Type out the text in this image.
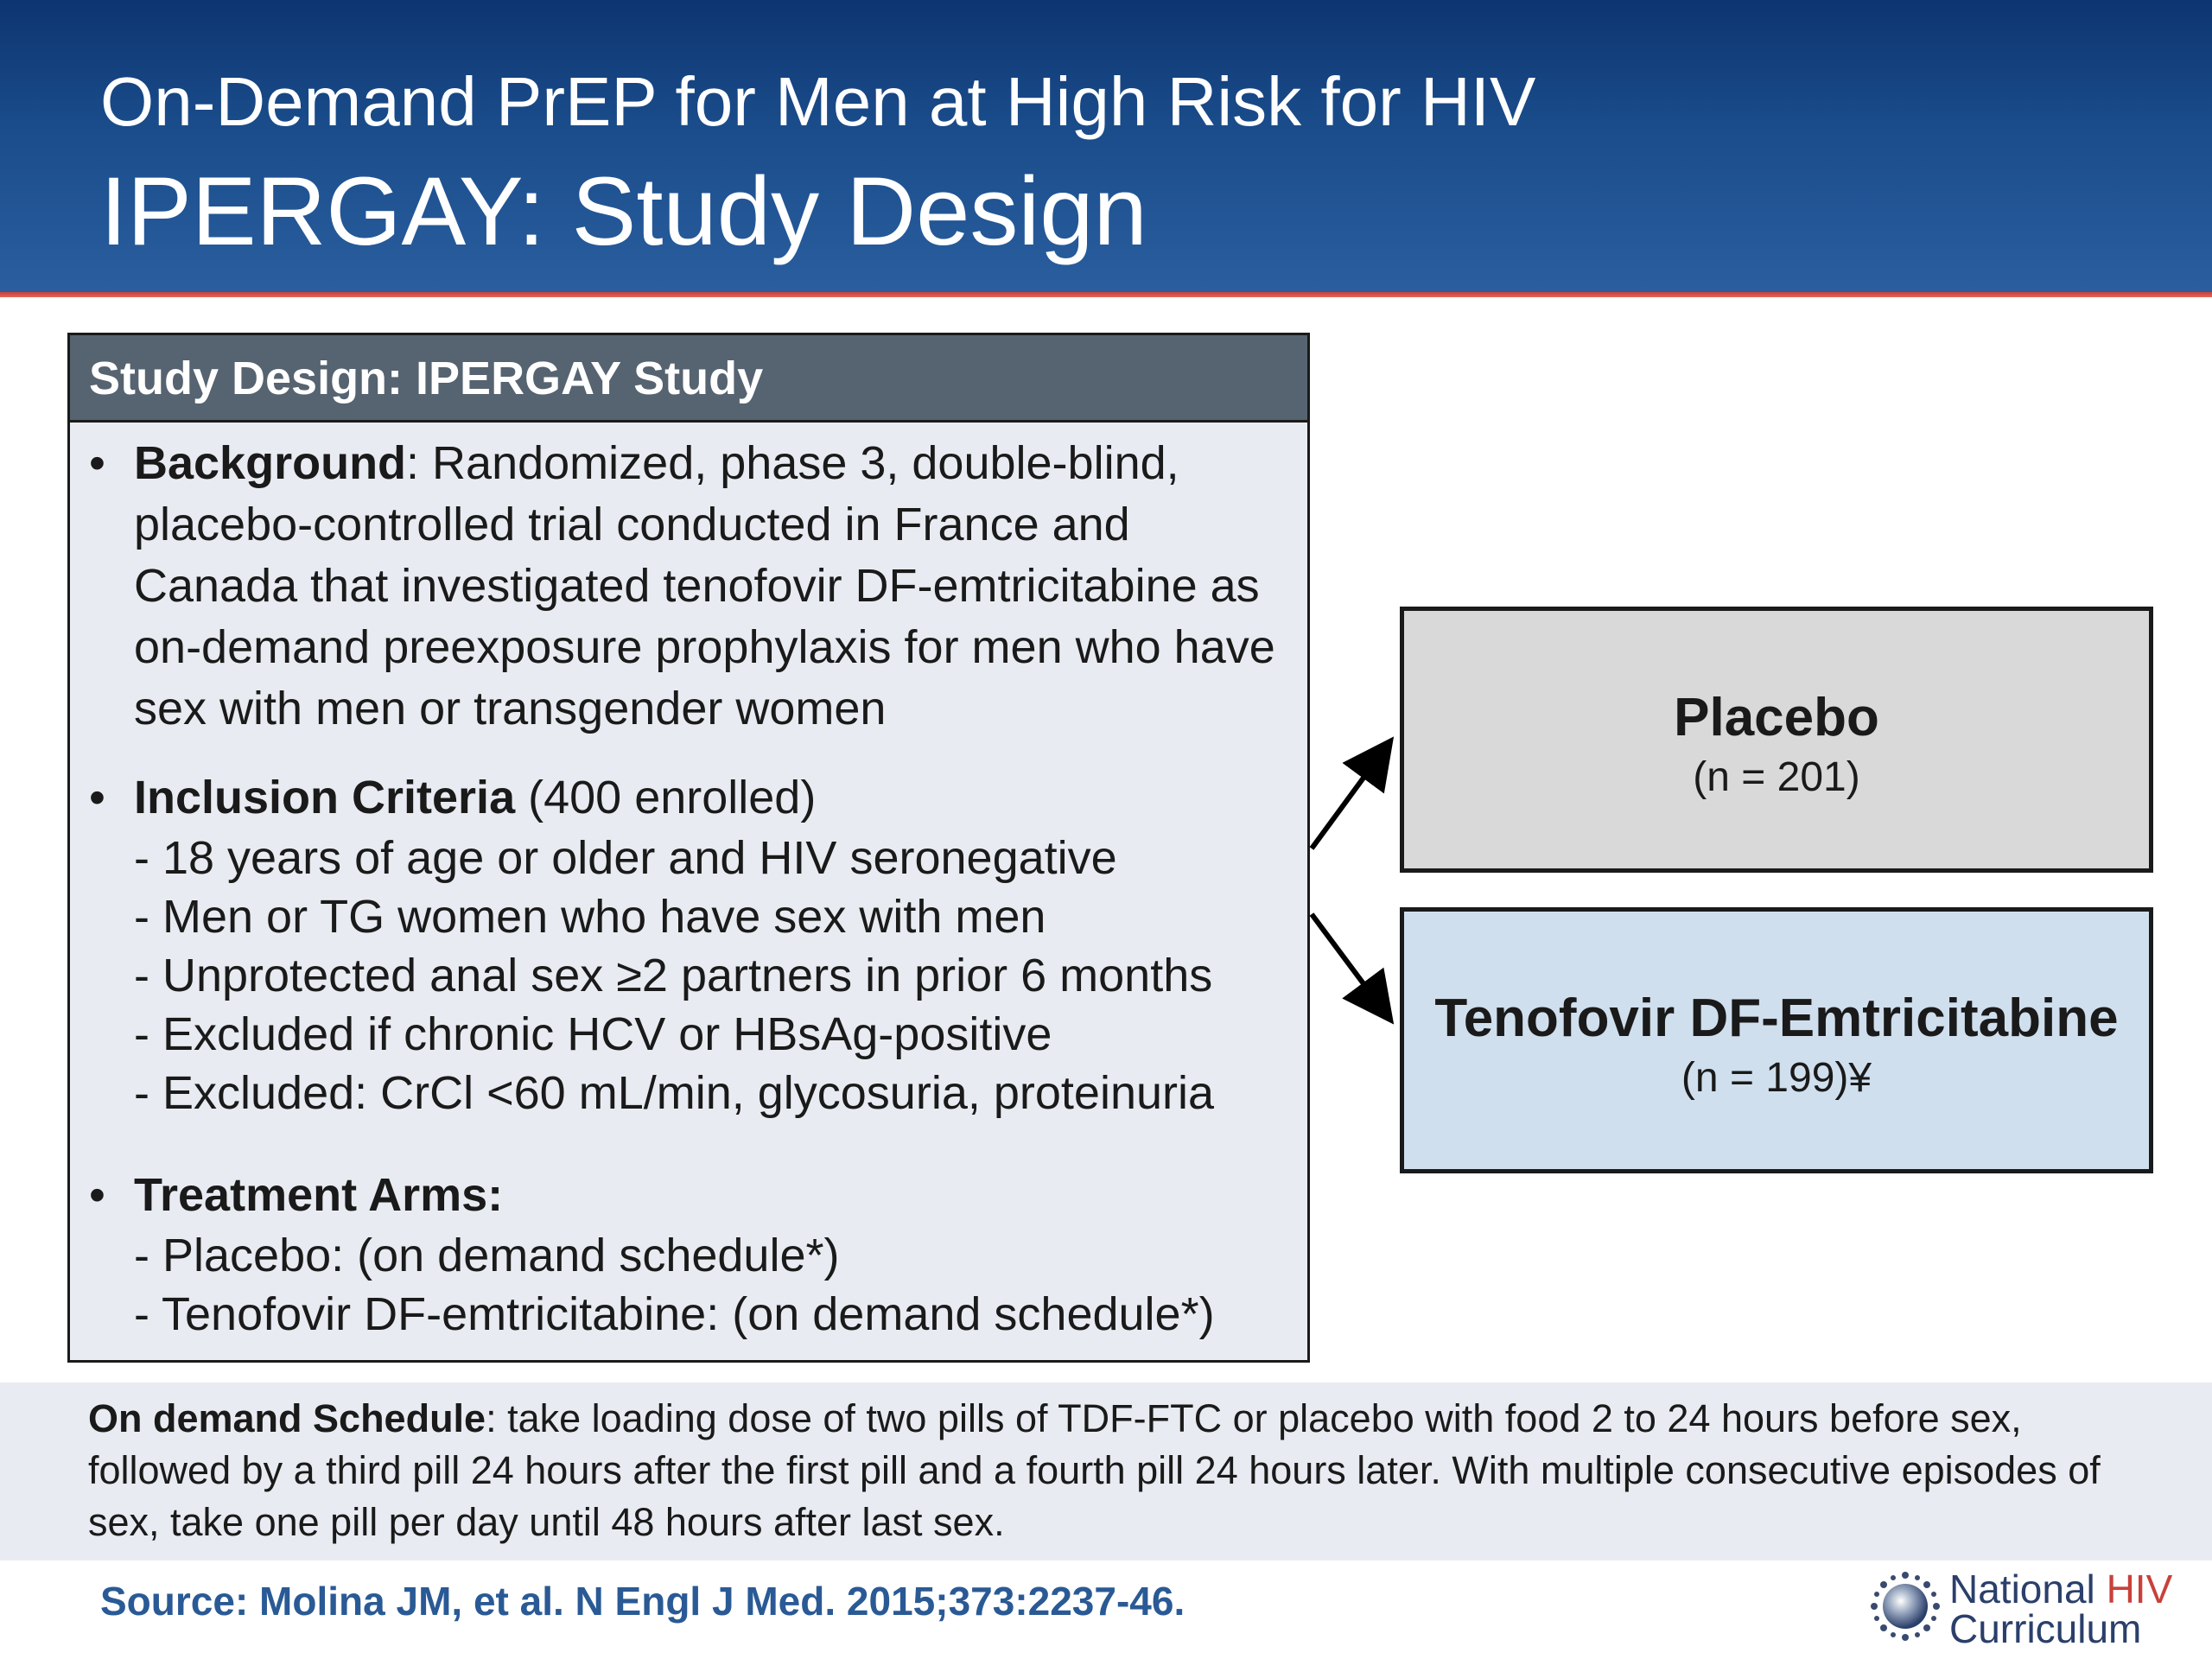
On-Demand PrEP for Men at High Risk for HIV
IPERGAY: Study Design
Study Design: IPERGAY Study
• Background: Randomized, phase 3, double-blind, placebo-controlled trial conducted in France and Canada that investigated tenofovir DF-emtricitabine as on-demand preexposure prophylaxis for men who have sex with men or transgender women
• Inclusion Criteria (400 enrolled)
- 18 years of age or older and HIV seronegative
- Men or TG women who have sex with men
- Unprotected anal sex ≥2 partners in prior 6 months
- Excluded if chronic HCV or HBsAg-positive
- Excluded: CrCl <60 mL/min, glycosuria, proteinuria
• Treatment Arms:
- Placebo: (on demand schedule*)
- Tenofovir DF-emtricitabine: (on demand schedule*)
Placebo
(n = 201)
Tenofovir DF-Emtricitabine
(n = 199)¥
On demand Schedule: take loading dose of two pills of TDF-FTC or placebo with food 2 to 24 hours before sex, followed by a third pill 24 hours after the first pill and a fourth pill 24 hours later. With multiple consecutive episodes of sex, take one pill per day until 48 hours after last sex.
Source: Molina JM, et al. N Engl J Med. 2015;373:2237-46.	National HIV
Curriculum
